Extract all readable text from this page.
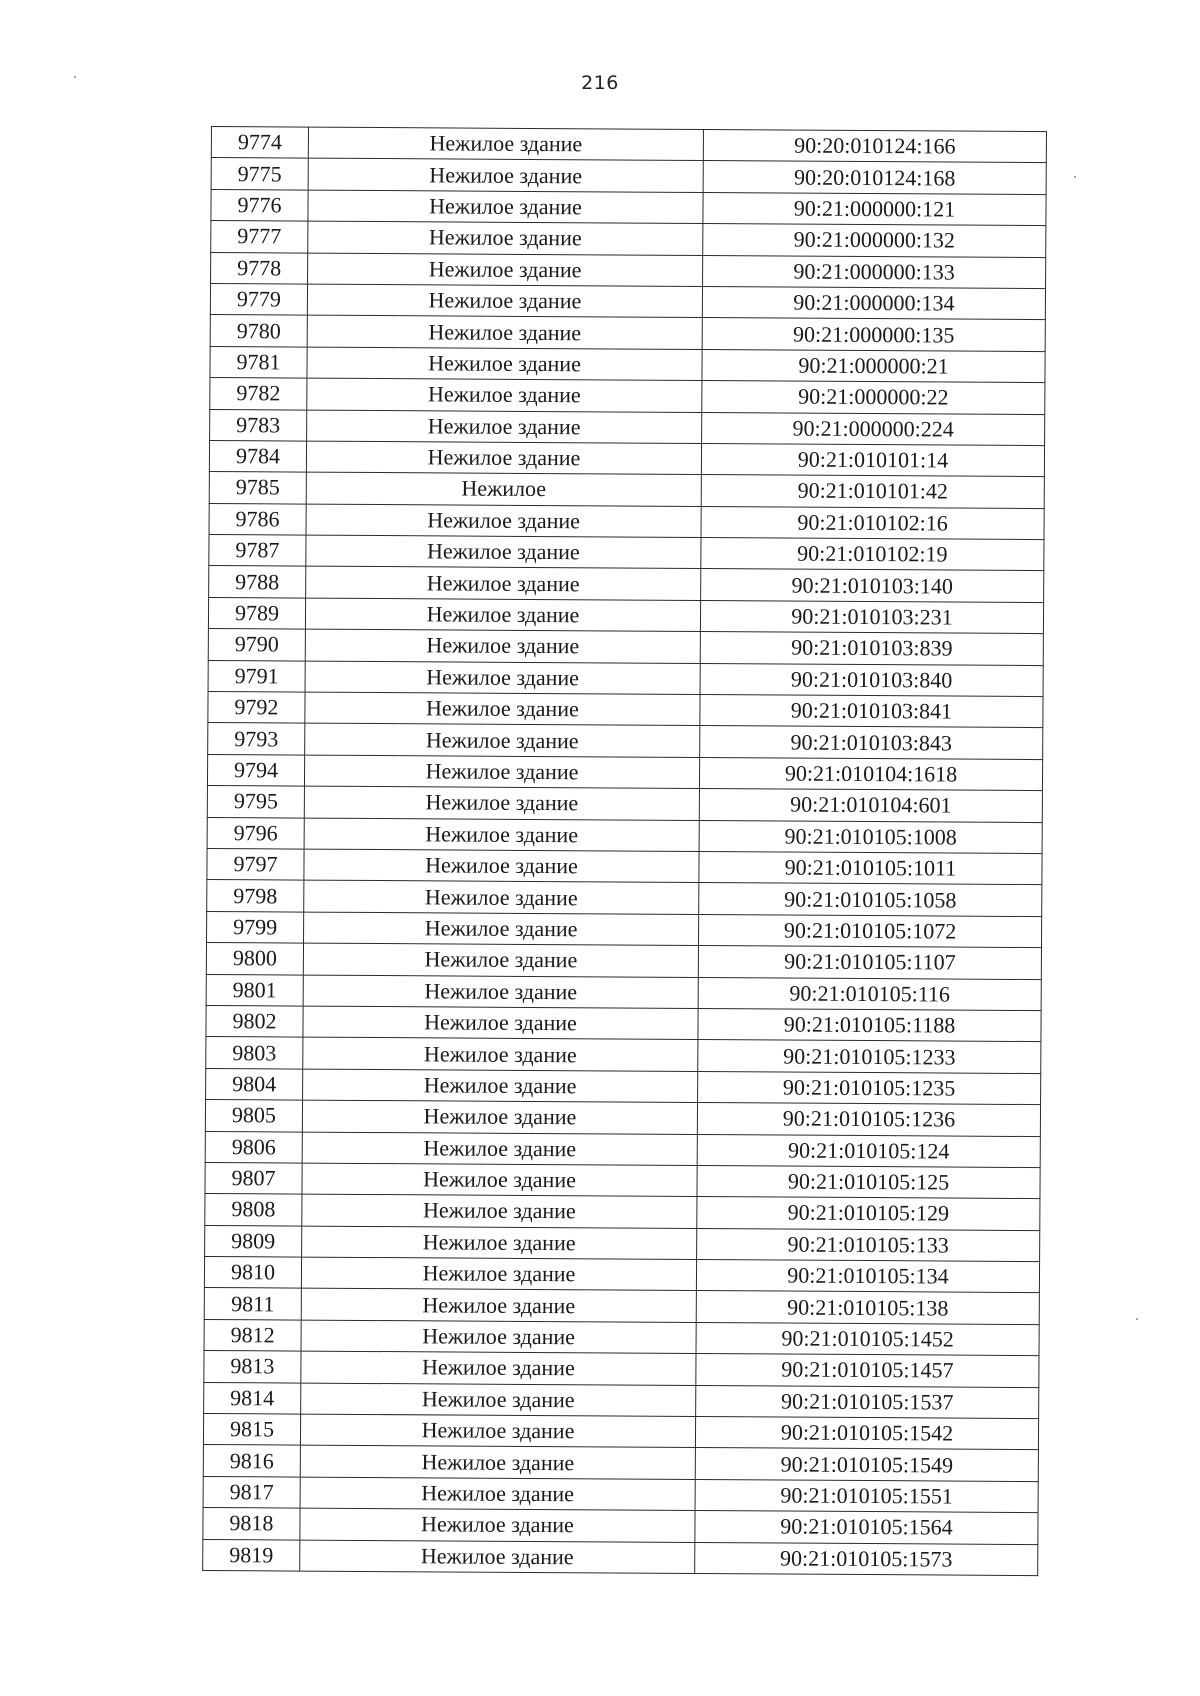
216
9774	Нежилое здание	90:20:010124:166
9775	Нежилое здание	90:20:010124:168
9776	Нежилое здание	90:21:000000:121
9777	Нежилое здание	90:21:000000:132
9778	Нежилое здание	90:21:000000:133
9779	Нежилое здание	90:21:000000:134
9780	Нежилое здание	90:21:000000:135
9781	Нежилое здание	90:21:000000:21
9782	Нежилое здание	90:21:000000:22
9783	Нежилое здание	90:21:000000:224
9784	Нежилое здание	90:21:010101:14
9785	Нежилое	90:21:010101:42
9786	Нежилое здание	90:21:010102:16
9787	Нежилое здание	90:21:010102:19
9788	Нежилое здание	90:21:010103:140
9789	Нежилое здание	90:21:010103:231
9790	Нежилое здание	90:21:010103:839
9791	Нежилое здание	90:21:010103:840
9792	Нежилое здание	90:21:010103:841
9793	Нежилое здание	90:21:010103:843
9794	Нежилое здание	90:21:010104:1618
9795	Нежилое здание	90:21:010104:601
9796	Нежилое здание	90:21:010105:1008
9797	Нежилое здание	90:21:010105:1011
9798	Нежилое здание	90:21:010105:1058
9799	Нежилое здание	90:21:010105:1072
9800	Нежилое здание	90:21:010105:1107
9801	Нежилое здание	90:21:010105:116
9802	Нежилое здание	90:21:010105:1188
9803	Нежилое здание	90:21:010105:1233
9804	Нежилое здание	90:21:010105:1235
9805	Нежилое здание	90:21:010105:1236
9806	Нежилое здание	90:21:010105:124
9807	Нежилое здание	90:21:010105:125
9808	Нежилое здание	90:21:010105:129
9809	Нежилое здание	90:21:010105:133
9810	Нежилое здание	90:21:010105:134
9811	Нежилое здание	90:21:010105:138
9812	Нежилое здание	90:21:010105:1452
9813	Нежилое здание	90:21:010105:1457
9814	Нежилое здание	90:21:010105:1537
9815	Нежилое здание	90:21:010105:1542
9816	Нежилое здание	90:21:010105:1549
9817	Нежилое здание	90:21:010105:1551
9818	Нежилое здание	90:21:010105:1564
9819	Нежилое здание	90:21:010105:1573
